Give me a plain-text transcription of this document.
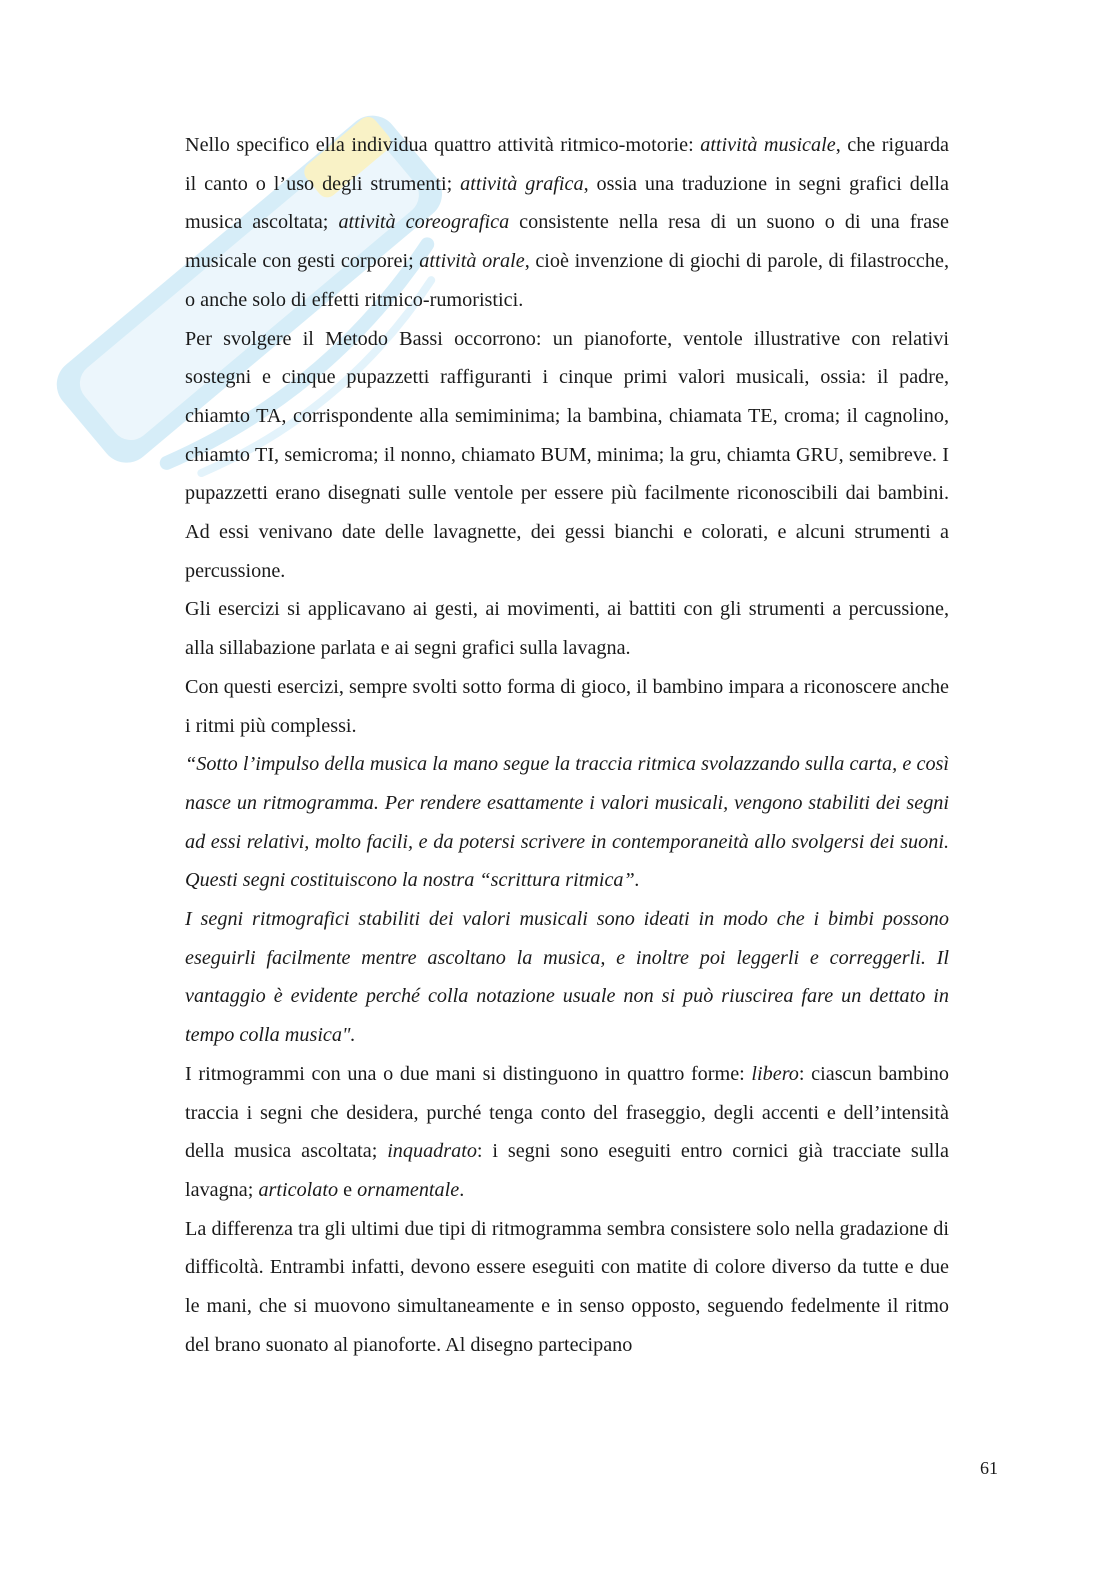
Nello specifico ella individua quattro attività ritmico-motorie: attività musicale, che riguarda il canto o l’uso degli strumenti; attività grafica, ossia una traduzione in segni grafici della musica ascoltata; attività coreografica consistente nella resa di un suono o di una frase musicale con gesti corporei; attività orale, cioè invenzione di giochi di parole, di filastrocche, o anche solo di effetti ritmico-rumoristici.

Per svolgere il Metodo Bassi occorrono: un pianoforte, ventole illustrative con relativi sostegni e cinque pupazzetti raffiguranti i cinque primi valori musicali, ossia: il padre, chiamto TA, corrispondente alla semiminima; la bambina, chiamata TE, croma; il cagnolino, chiamto TI, semicroma; il nonno, chiamato BUM, minima; la gru, chiamta GRU, semibreve. I pupazzetti erano disegnati sulle ventole per essere più facilmente riconoscibili dai bambini. Ad essi venivano date delle lavagnette, dei gessi bianchi e colorati, e alcuni strumenti a percussione.

Gli esercizi si applicavano ai gesti, ai movimenti, ai battiti con gli strumenti a percussione, alla sillabazione parlata e ai segni grafici sulla lavagna.

Con questi esercizi, sempre svolti sotto forma di gioco, il bambino impara a riconoscere anche i ritmi più complessi.

“Sotto l’impulso della musica la mano segue la traccia ritmica svolazzando sulla carta, e così nasce un ritmogramma. Per rendere esattamente i valori musicali, vengono stabiliti dei segni ad essi relativi, molto facili, e da potersi scrivere in contemporaneità allo svolgersi dei suoni. Questi segni costituiscono la nostra “scrittura ritmica”.

I segni ritmografici stabiliti dei valori musicali sono ideati in modo che i bimbi possono eseguirli facilmente mentre ascoltano la musica, e inoltre poi leggerli e correggerli. Il vantaggio è evidente perché colla notazione usuale non si può riuscirea fare un dettato in tempo colla musica".

I ritmogrammi con una o due mani si distinguono in quattro forme: libero: ciascun bambino traccia i segni che desidera, purché tenga conto del fraseggio, degli accenti e dell’intensità della musica ascoltata; inquadrato: i segni sono eseguiti entro cornici già tracciate sulla lavagna; articolato e ornamentale.

La differenza tra gli ultimi due tipi di ritmogramma sembra consistere solo nella gradazione di difficoltà. Entrambi infatti, devono essere eseguiti con matite di colore diverso da tutte e due le mani, che si muovono simultaneamente e in senso opposto, seguendo fedelmente il ritmo del brano suonato al pianoforte. Al disegno partecipano

61
